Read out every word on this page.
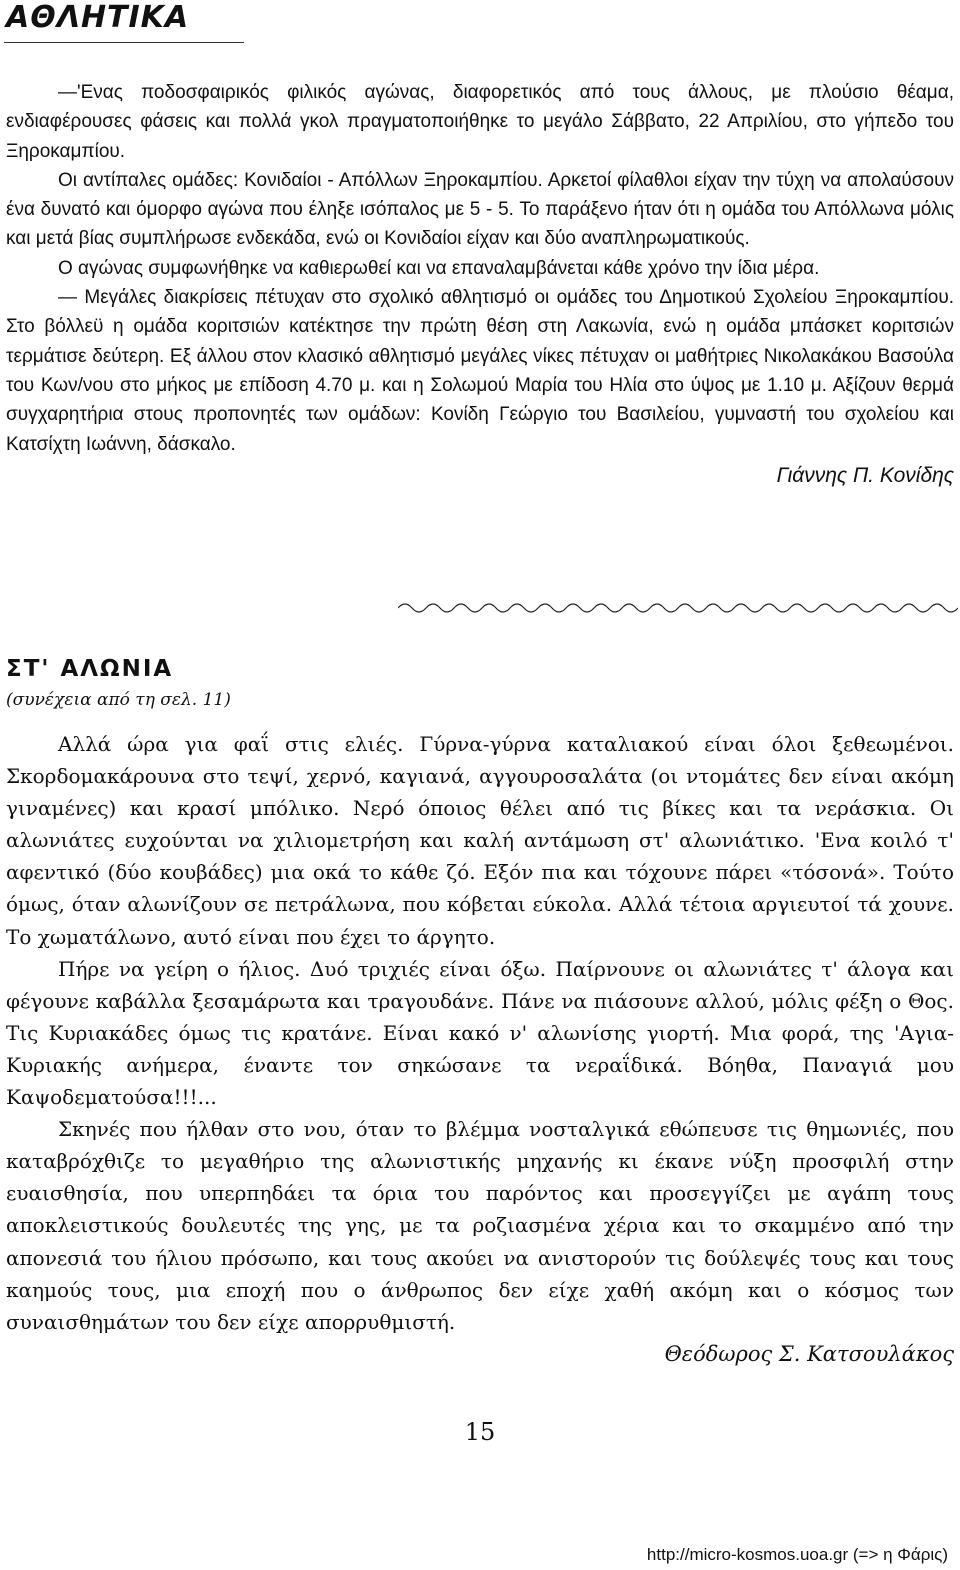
ΑΘΛΗΤΙΚΑ

—'Ενας ποδοσφαιρικός φιλικός αγώνας, διαφορετικός από τους άλλους, με πλούσιο θέαμα, ενδιαφέρουσες φάσεις και πολλά γκολ πραγματοποιήθηκε το μεγάλο Σάββατο, 22 Απριλίου, στο γήπεδο του Ξηροκαμπίου.

Οι αντίπαλες ομάδες: Κονιδαίοι - Απόλλων Ξηροκαμπίου. Αρκετοί φίλαθλοι είχαν την τύχη να απολαύσουν ένα δυνατό και όμορφο αγώνα που έληξε ισόπαλος με 5 - 5. Το παράξενο ήταν ότι η ομάδα του Απόλλωνα μόλις και μετά βίας συμπλήρωσε ενδεκάδα, ενώ οι Κονιδαίοι είχαν και δύο αναπληρωματικούς.

Ο αγώνας συμφωνήθηκε να καθιερωθεί και να επαναλαμβάνεται κάθε χρόνο την ίδια μέρα.

— Μεγάλες διακρίσεις πέτυχαν στο σχολικό αθλητισμό οι ομάδες του Δημοτικού Σχολείου Ξηροκαμπίου. Στο βόλλεϋ η ομάδα κοριτσιών κατέκτησε την πρώτη θέση στη Λακωνία, ενώ η ομάδα μπάσκετ κοριτσιών τερμάτισε δεύτερη. Εξ άλλου στον κλασικό αθλητισμό μεγάλες νίκες πέτυχαν οι μαθήτριες Νικολακάκου Βασούλα του Κων/νου στο μήκος με επίδοση 4.70 μ. και η Σολωμού Μαρία του Ηλία στο ύψος με 1.10 μ. Αξίζουν θερμά συγχαρητήρια στους προπονητές των ομάδων: Κονίδη Γεώργιο του Βασιλείου, γυμναστή του σχολείου και Κατσίχτη Ιωάννη, δάσκαλο.

Γιάννης Π. Κονίδης

ΣΤ' ΑΛΩΝΙΑ

(συνέχεια από τη σελ. 11)

Αλλά ώρα για φαΐ στις ελιές. Γύρνα-γύρνα καταλιακού είναι όλοι ξεθεωμένοι. Σκορδομακάρουνα στο τεψί, χερνό, καγιανά, αγγουροσαλάτα (οι ντομάτες δεν είναι ακόμη γιναμένες) και κρασί μπόλικο. Νερό όποιος θέλει από τις βίκες και τα νεράσκια. Οι αλωνιάτες ευχούνται να χιλιομετρήση και καλή αντάμωση στ' αλωνιάτικο. 'Ενα κοιλό τ' αφεντικό (δύο κουβάδες) μια οκά το κάθε ζό. Εξόν πια και τόχουνε πάρει «τόσονά». Τούτο όμως, όταν αλωνίζουν σε πετράλωνα, που κόβεται εύκολα. Αλλά τέτοια αργιευτοί τά χουνε. Το χωματάλωνο, αυτό είναι που έχει το άργητο.

Πήρε να γείρη ο ήλιος. Δυό τριχιές είναι όξω. Παίρνουνε οι αλωνιάτες τ' άλογα και φέγουνε καβάλλα ξεσαμάρωτα και τραγουδάνε. Πάνε να πιάσουνε αλλού, μόλις φέξη ο Θος. Τις Κυριακάδες όμως τις κρατάνε. Είναι κακό ν' αλωνίσης γιορτή. Μια φορά, της 'Αγια-Κυριακής ανήμερα, έναντε τον σηκώσανε τα νεραΐδικά. Βόηθα, Παναγιά μου Καψοδεματούσα!!!...

Σκηνές που ήλθαν στο νου, όταν το βλέμμα νοσταλγικά εθώπευσε τις θημωνιές, που καταβρόχθιζε το μεγαθήριο της αλωνιστικής μηχανής κι έκανε νύξη προσφιλή στην ευαισθησία, που υπερπηδάει τα όρια του παρόντος και προσεγγίζει με αγάπη τους αποκλειστικούς δουλευτές της γης, με τα ροζιασμένα χέρια και το σκαμμένο από την απονεσιά του ήλιου πρόσωπο, και τους ακούει να ανιστορούν τις δούλεψές τους και τους καημούς τους, μια εποχή που ο άνθρωπος δεν είχε χαθή ακόμη και ο κόσμος των συναισθημάτων του δεν είχε απορρυθμιστή.

Θεόδωρος Σ. Κατσουλάκος

15

http://micro-kosmos.uoa.gr (=> η Φάρις)
